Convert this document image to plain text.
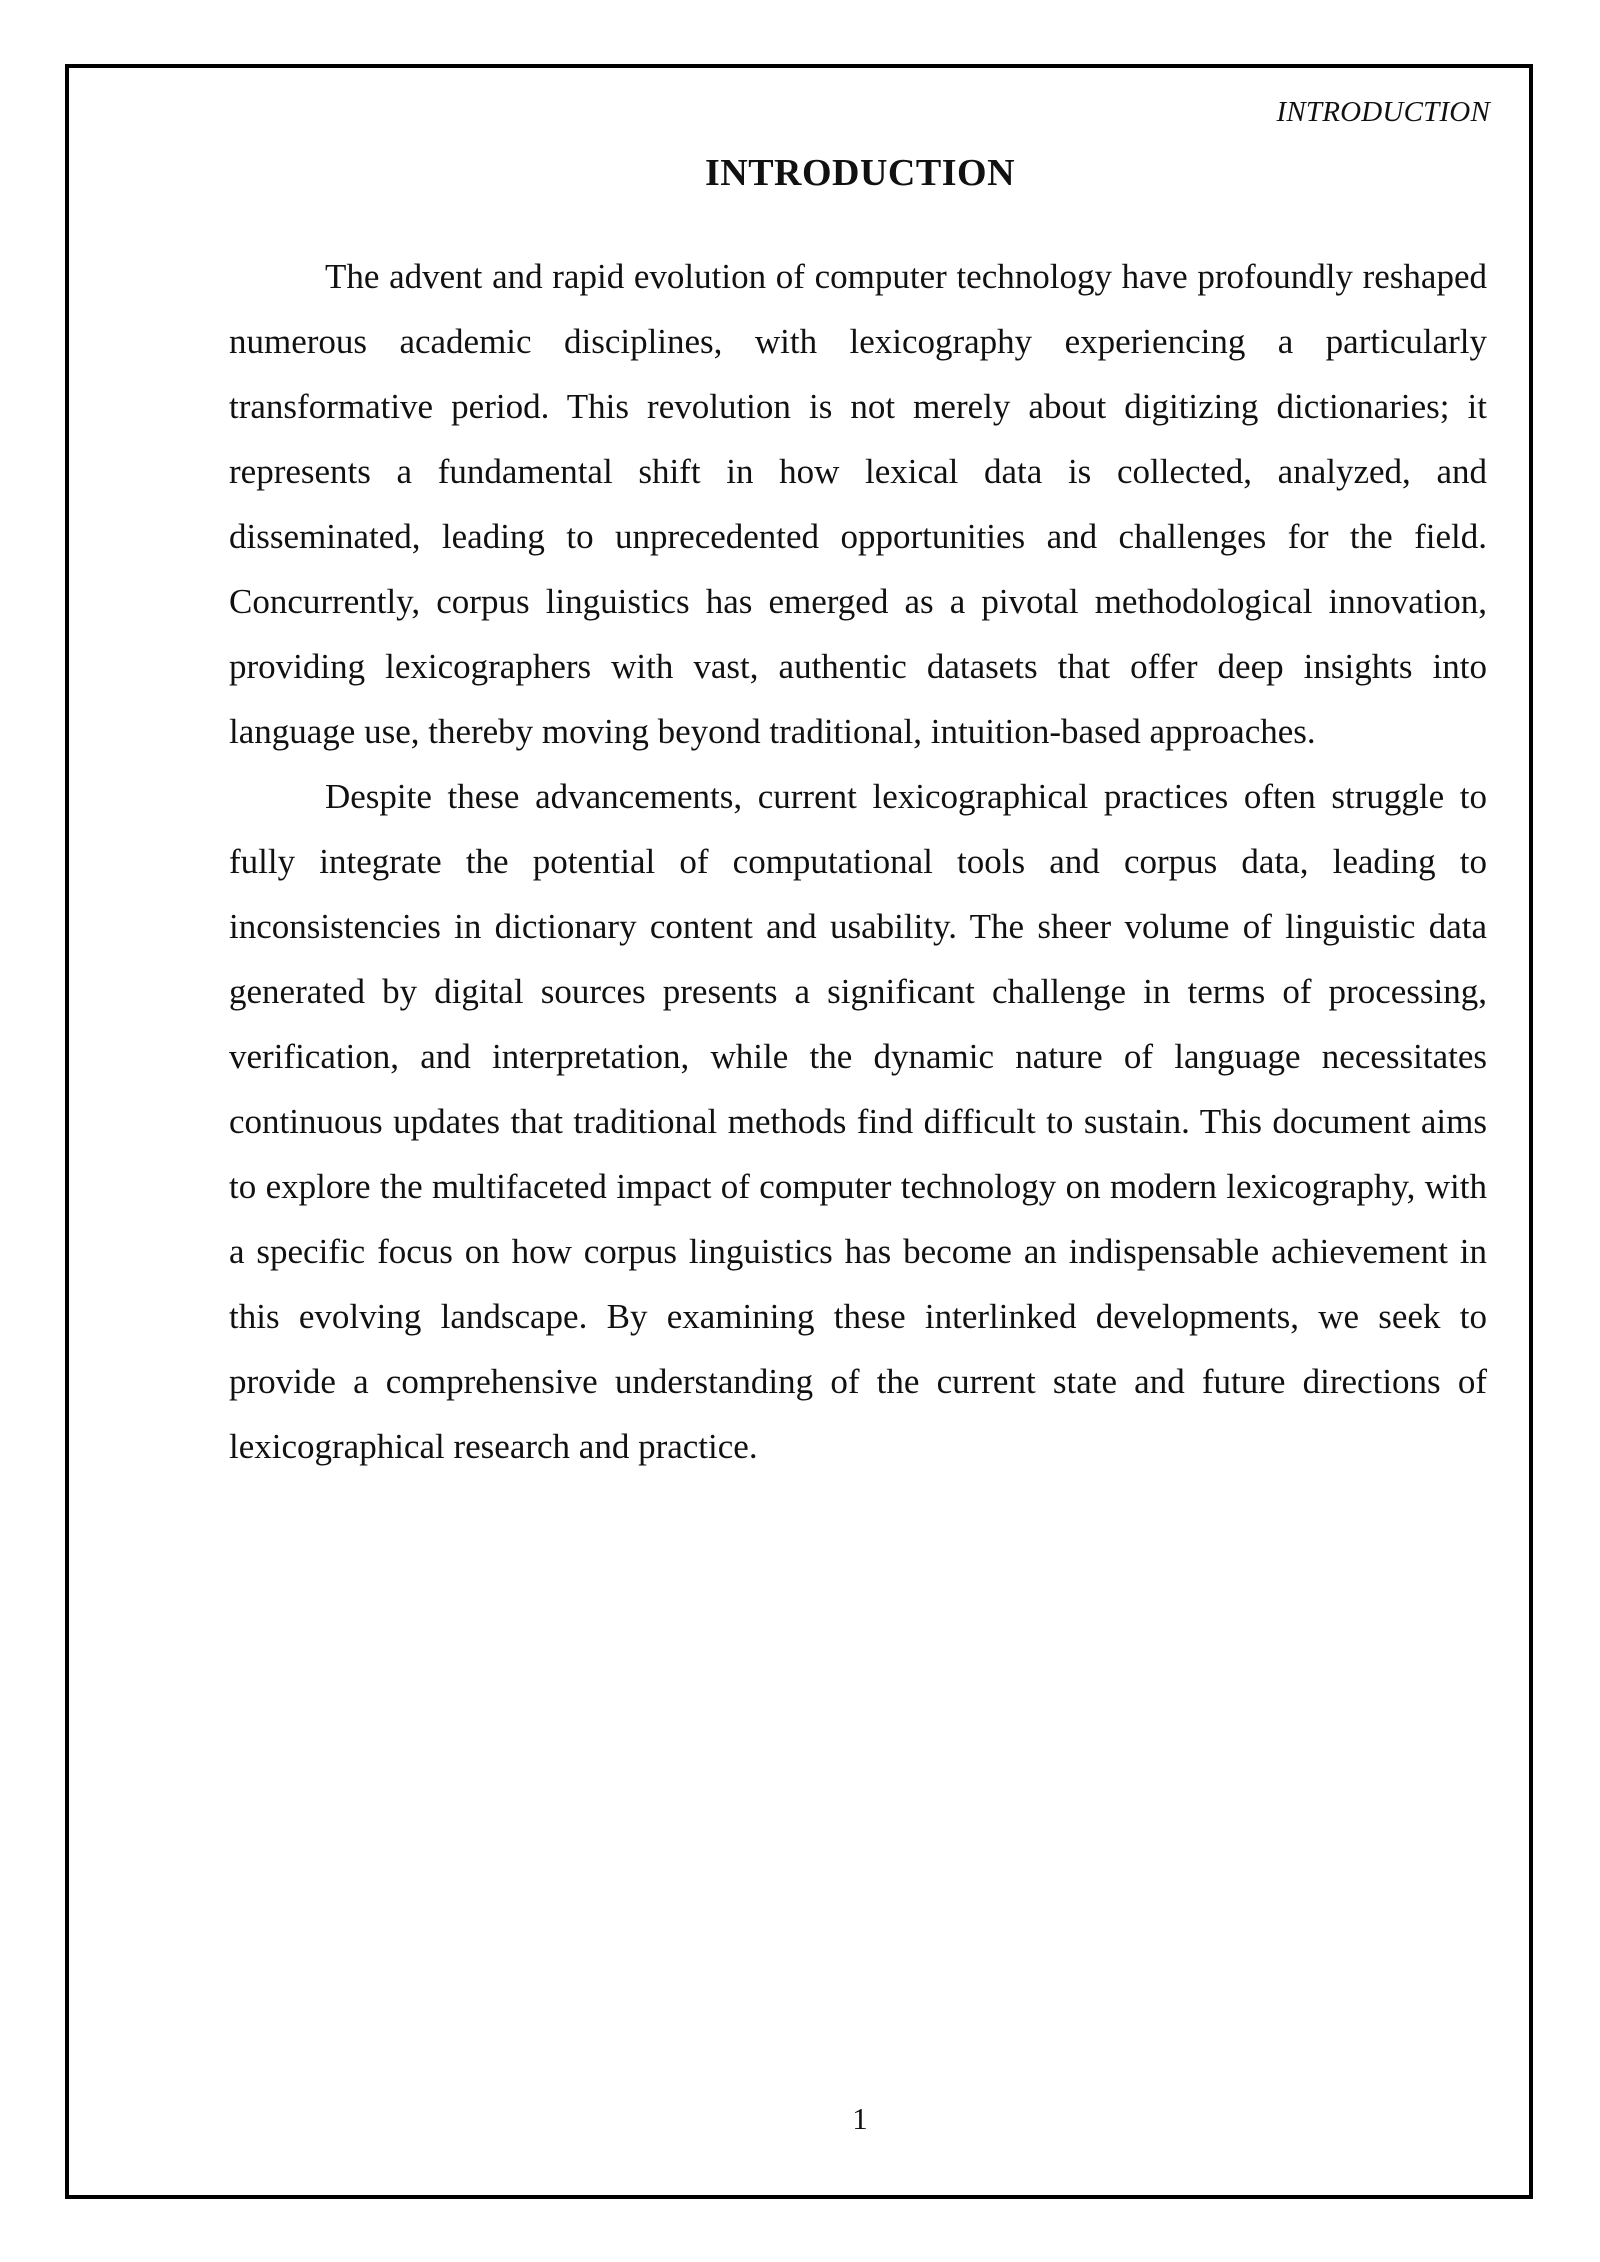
INTRODUCTION
INTRODUCTION

The advent and rapid evolution of computer technology have profoundly reshaped numerous academic disciplines, with lexicography experiencing a particularly transformative period. This revolution is not merely about digitizing dictionaries; it represents a fundamental shift in how lexical data is collected, analyzed, and disseminated, leading to unprecedented opportunities and challenges for the field. Concurrently, corpus linguistics has emerged as a pivotal methodological innovation, providing lexicographers with vast, authentic datasets that offer deep insights into language use, thereby moving beyond traditional, intuition-based approaches.

Despite these advancements, current lexicographical practices often struggle to fully integrate the potential of computational tools and corpus data, leading to inconsistencies in dictionary content and usability. The sheer volume of linguistic data generated by digital sources presents a significant challenge in terms of processing, verification, and interpretation, while the dynamic nature of language necessitates continuous updates that traditional methods find difficult to sustain. This document aims to explore the multifaceted impact of computer technology on modern lexicography, with a specific focus on how corpus linguistics has become an indispensable achievement in this evolving landscape. By examining these interlinked developments, we seek to provide a comprehensive understanding of the current state and future directions of lexicographical research and practice.

1
